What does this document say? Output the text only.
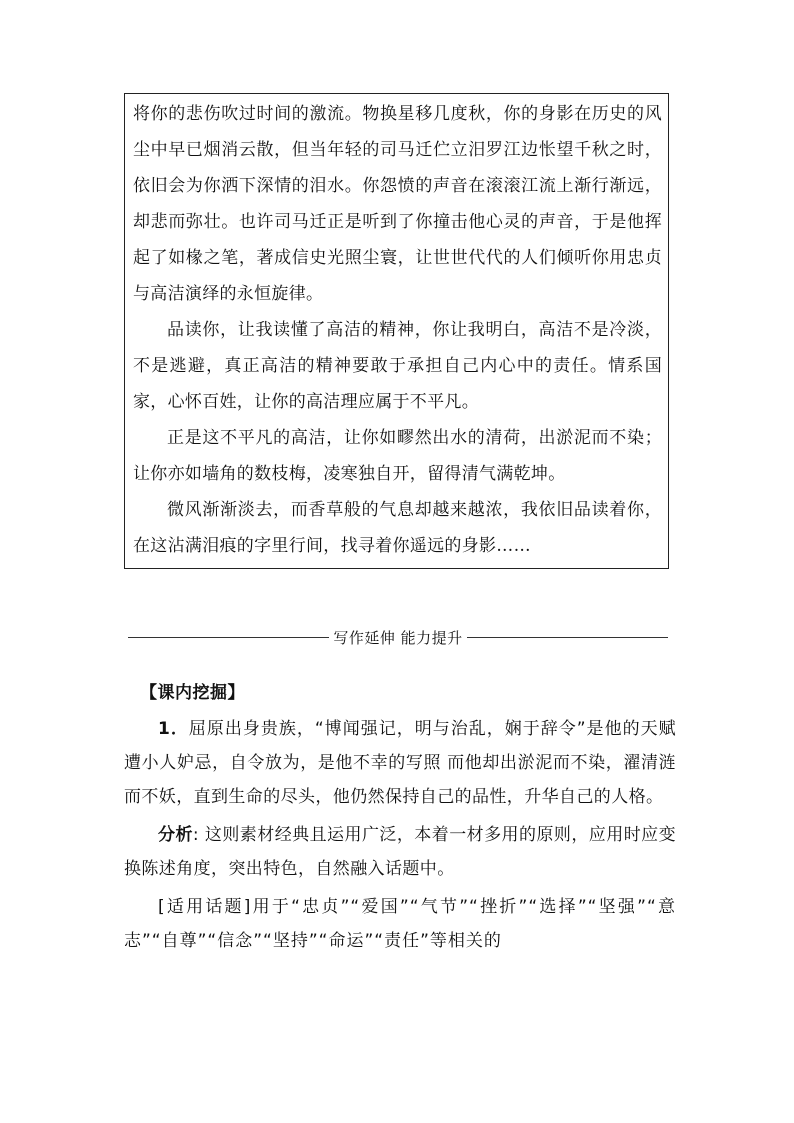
将你的悲伤吹过时间的激流。物换星移几度秋，你的身影在历史的风尘中早已烟消云散，但当年轻的司马迁伫立汨罗江边怅望千秋之时，依旧会为你洒下深情的泪水。你怨愤的声音在滚滚江流上渐行渐远，却悲而弥壮。也许司马迁正是听到了你撞击他心灵的声音，于是他挥起了如椽之笔，著成信史光照尘寰，让世世代代的人们倾听你用忠贞与高洁演绎的永恒旋律。

品读你，让我读懂了高洁的精神，你让我明白，高洁不是冷淡，不是逃避，真正高洁的精神要敢于承担自己内心中的责任。情系国家，心怀百姓，让你的高洁理应属于不平凡。

正是这不平凡的高洁，让你如疁然出水的清荷，出淤泥而不染；让你亦如墙角的数枝梅，凌寒独自开，留得清气满乾坤。

微风渐渐淡去，而香草般的气息却越来越浓，我依旧品读着你，在这沾满泪痕的字里行间，找寻着你遥远的身影……

写作延伸 能力提升
【课内挖掘】

1．屈原出身贵族，“博闻强记，明与治乱，娴于辞令”是他的天赋 遭小人妒忌，自令放为，是他不幸的写照 而他却出淤泥而不染，濯清涟而不妖，直到生命的尽头，他仍然保持自己的品性，升华自己的人格。

分析: 这则素材经典且运用广泛，本着一材多用的原则，应用时应变换陈述角度，突出特色，自然融入话题中。

[适用话题]用于“忠贞”“爱国”“气节”“挫折”“选择”“坚强”“意志”“自尊”“信念”“坚持”“命运”“责任”等相关的
